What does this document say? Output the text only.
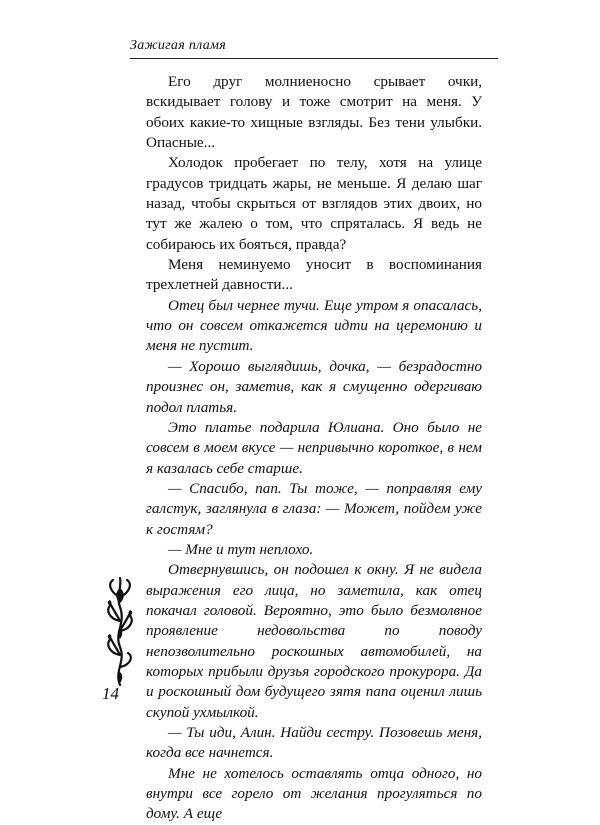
Зажигая пламя

Его друг молниеносно срывает очки, вскидывает голову и тоже смотрит на меня. У обоих какие-то хищные взгляды. Без тени улыбки. Опасные...

Холодок пробегает по телу, хотя на улице градусов тридцать жары, не меньше. Я делаю шаг назад, чтобы скрыться от взглядов этих двоих, но тут же жалею о том, что спряталась. Я ведь не собираюсь их бояться, правда?

Меня неминуемо уносит в воспоминания трехлетней давности...

Отец был чернее тучи. Еще утром я опасалась, что он совсем откажется идти на церемонию и меня не пустит.

— Хорошо выглядишь, дочка, — безрадостно произнес он, заметив, как я смущенно одергиваю подол платья.

Это платье подарила Юлиана. Оно было не совсем в моем вкусе — непривычно короткое, в нем я казалась себе старше.

— Спасибо, пап. Ты тоже, — поправляя ему галстук, заглянула в глаза: — Может, пойдем уже к гостям?

— Мне и тут неплохо.

Отвернувшись, он подошел к окну. Я не видела выражения его лица, но заметила, как отец покачал головой. Вероятно, это было безмолвное проявление недовольства по поводу непозволительно роскошных автомобилей, на которых прибыли друзья городского прокурора. Да и роскошный дом будущего зятя папа оценил лишь скупой ухмылкой.

— Ты иди, Алин. Найди сестру. Позовешь меня, когда все начнется.

Мне не хотелось оставлять отца одного, но внутри все горело от желания прогуляться по дому. А еще

14
